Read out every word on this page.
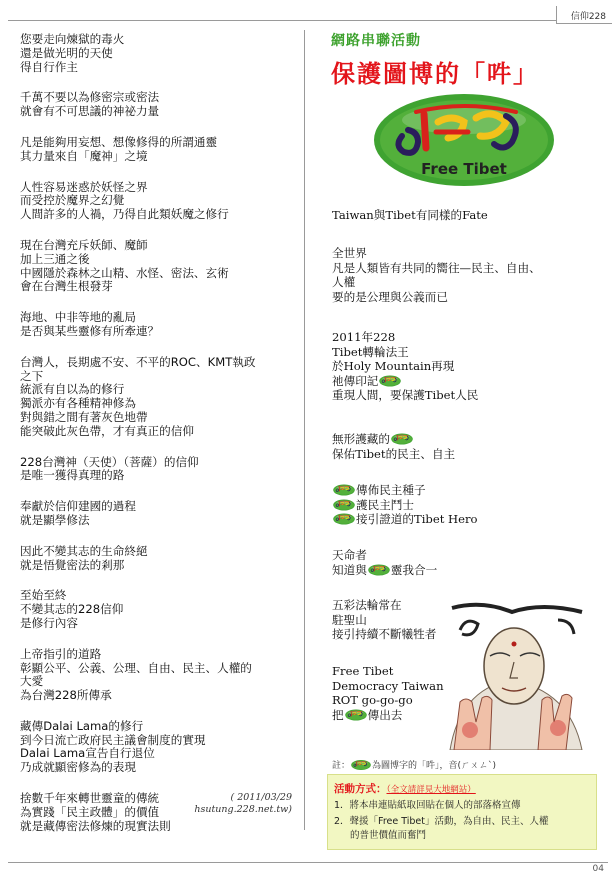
信仰228
您要走向煉獄的毒火
還是做光明的天使
得自行作主
千萬不要以為修密宗或密法
就會有不可思議的神祕力量
凡是能夠用妄想、想像修得的所謂通靈
其力量來自「魔神」之境
人性容易迷惑於妖怪之界
而受控於魔界之幻覺
人間許多的人禍，乃得自此類妖魔之修行
現在台灣充斥妖師、魔師
加上三通之後
中國隱於森林之山精、水怪、密法、玄術
會在台灣生根發芽
海地、中非等地的亂局
是否與某些靈修有所牽連？
台灣人，長期處不安、不平的ROC、KMT執政
之下
統派有自以為的修行
獨派亦有各種精神修為
對與錯之間有著灰色地帶
能突破此灰色帶，才有真正的信仰
228台灣神（天使）（菩薩）的信仰
是唯一獲得真理的路
奉獻於信仰建國的過程
就是顯學修法
因此不變其志的生命終絕
就是悟覺密法的剎那
至始至終
不變其志的228信仰
是修行內容
上帝指引的道路
彰顯公平、公義、公理、自由、民主、人權的
大愛
為台灣228所傳承
藏傳Dalai Lama的修行
到今日流亡政府民主議會制度的實現
Dalai Lama宣告自行退位
乃成就顯密修為的表現
捨數千年來轉世靈童的傳統
為實踐「民主政體」的價值
就是藏傳密法修煉的現實法則
( 2011/03/29
hsutung.228.net.tw)
網路串聯活動
保護圖博的「吽」
Free Tibet
Taiwan與Tibet有同樣的Fate
全世界
凡是人類皆有共同的嚮往—民主、自由、
人權
要的是公理與公義而已
2011年228
Tibet轉輪法王
於Holy Mountain再現
祂傳印記
重現人間，要保護Tibet人民
無形護藏的
保佑Tibet的民主、自主
傳佈民主種子
護民主鬥士
接引證道的Tibet Hero
天命者
知道與 靈我合一
五彩法輪常在
駐聖山
接引持續不斷犧牲者
Free Tibet
Democracy Taiwan
ROT go-go-go
把 傳出去
註： 為圖博字的「吽」，音(ㄏㄨㄥˋ)
活動方式：（全文請詳見大地網站）
1．將本串連貼紙取回貼在個人的部落格宣傳
2．聲援「Free Tibet」活動，為自由、民主、人權
的普世價值而奮鬥
04
